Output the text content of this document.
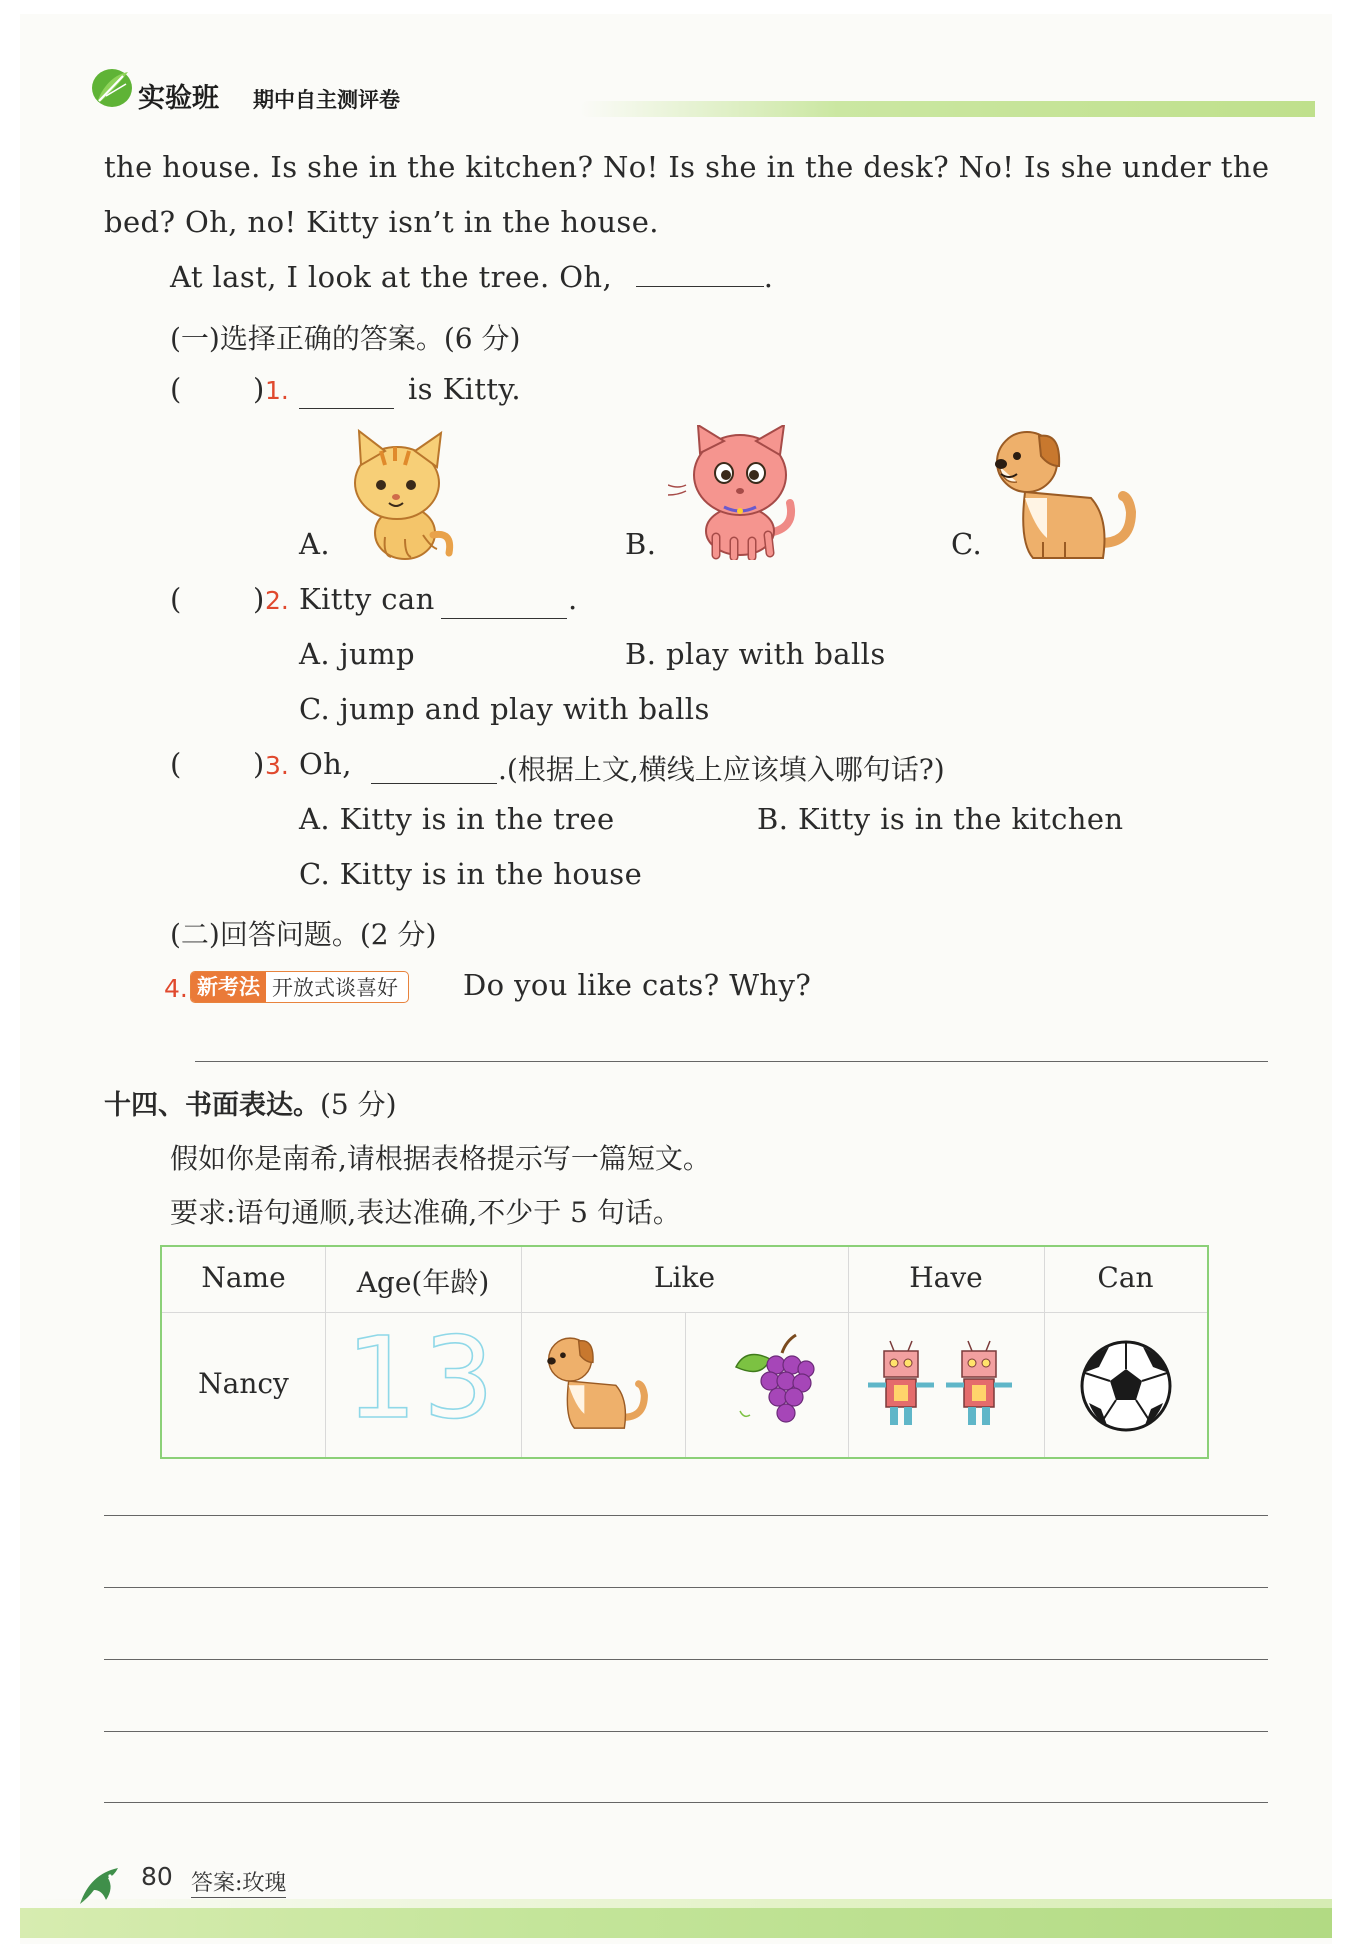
实验班 期中自主测评卷
the house. Is she in the kitchen? No! Is she in the desk? No! Is she under the
bed? Oh, no! Kitty isn’t in the house.
At last, I look at the tree. Oh,	.
(一)选择正确的答案。(6 分)
( ) 1.	is Kitty.
A.	B.	C.
( ) 2. Kitty can	.
A. jump	B. play with balls
C. jump and play with balls
( ) 3. Oh,	.(根据上文,横线上应该填入哪句话?)
A. Kitty is in the tree	B. Kitty is in the kitchen
C. Kitty is in the house
(二)回答问题。(2 分)
4. 新考法 开放式谈喜好	Do you like cats? Why?
十四、书面表达。(5 分)
假如你是南希,请根据表格提示写一篇短文。
要求:语句通顺,表达准确,不少于 5 句话。
Name	Age(年龄)	Like	Have	Can
Nancy 13
80 答案:玫瑰
